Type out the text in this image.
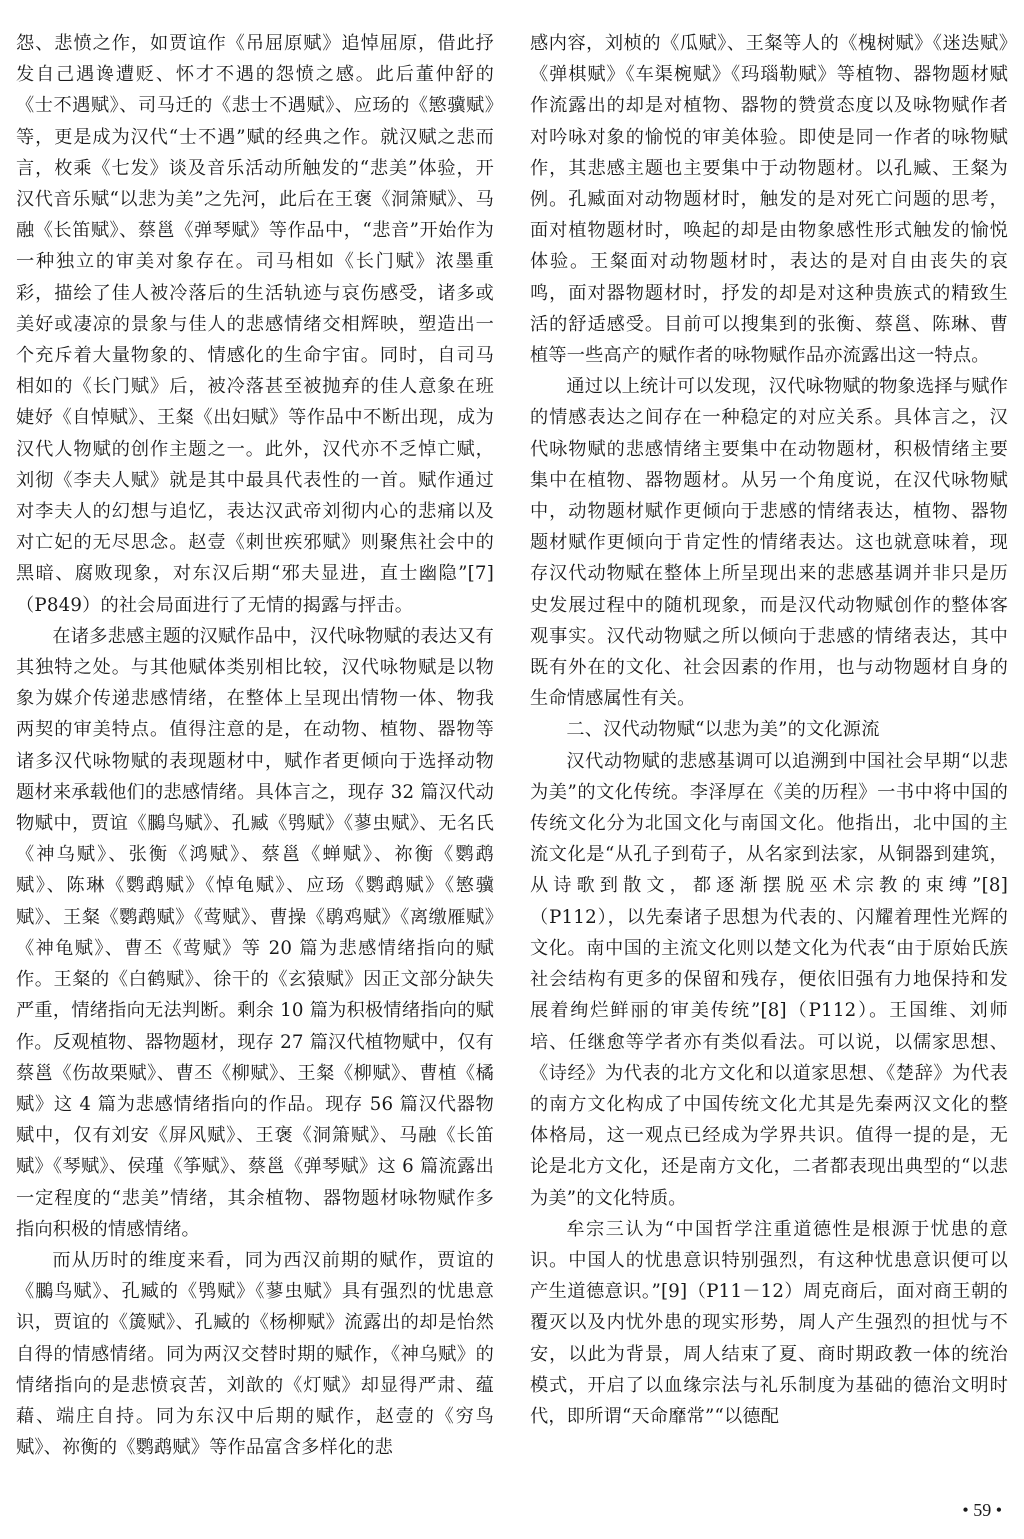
怨、悲愤之作，如贾谊作《吊屈原赋》追悼屈原，借此抒发自己遇谗遭贬、怀才不遇的怨愤之感。此后董仲舒的《士不遇赋》、司马迁的《悲士不遇赋》、应玚的《慜骥赋》等，更是成为汉代“士不遇”赋的经典之作。就汉赋之悲而言，枚乘《七发》谈及音乐活动所触发的“悲美”体验，开汉代音乐赋“以悲为美”之先河，此后在王褒《洞箫赋》、马融《长笛赋》、蔡邕《弹琴赋》等作品中，“悲音”开始作为一种独立的审美对象存在。司马相如《长门赋》浓墨重彩，描绘了佳人被冷落后的生活轨迹与哀伤感受，诸多或美好或凄凉的景象与佳人的悲感情绪交相辉映，塑造出一个充斥着大量物象的、情感化的生命宇宙。同时，自司马相如的《长门赋》后，被冷落甚至被抛弃的佳人意象在班婕妤《自悼赋》、王粲《出妇赋》等作品中不断出现，成为汉代人物赋的创作主题之一。此外，汉代亦不乏悼亡赋，刘彻《李夫人赋》就是其中最具代表性的一首。赋作通过对李夫人的幻想与追忆，表达汉武帝刘彻内心的悲痛以及对亡妃的无尽思念。赵壹《刺世疾邪赋》则聚焦社会中的黑暗、腐败现象，对东汉后期“邪夫显进，直士幽隐”[7]（P849）的社会局面进行了无情的揭露与抨击。

在诸多悲感主题的汉赋作品中，汉代咏物赋的表达又有其独特之处。与其他赋体类别相比较，汉代咏物赋是以物象为媒介传递悲感情绪，在整体上呈现出情物一体、物我两契的审美特点。值得注意的是，在动物、植物、器物等诸多汉代咏物赋的表现题材中，赋作者更倾向于选择动物题材来承载他们的悲感情绪。具体言之，现存 32 篇汉代动物赋中，贾谊《鵩鸟赋》、孔臧《鸮赋》《蓼虫赋》、无名氏《神乌赋》、张衡《鸿赋》、蔡邕《蝉赋》、祢衡《鹦鹉赋》、陈琳《鹦鹉赋》《悼龟赋》、应玚《鹦鹉赋》《慜骥赋》、王粲《鹦鹉赋》《莺赋》、曹操《鹖鸡赋》《离缴雁赋》《神龟赋》、曹丕《莺赋》等 20 篇为悲感情绪指向的赋作。王粲的《白鹤赋》、徐干的《玄猿赋》因正文部分缺失严重，情绪指向无法判断。剩余 10 篇为积极情绪指向的赋作。反观植物、器物题材，现存 27 篇汉代植物赋中，仅有蔡邕《伤故栗赋》、曹丕《柳赋》、王粲《柳赋》、曹植《橘赋》这 4 篇为悲感情绪指向的作品。现存 56 篇汉代器物赋中，仅有刘安《屏风赋》、王褒《洞箫赋》、马融《长笛赋》《琴赋》、侯瑾《筝赋》、蔡邕《弹琴赋》这 6 篇流露出一定程度的“悲美”情绪，其余植物、器物题材咏物赋作多指向积极的情感情绪。

而从历时的维度来看，同为西汉前期的赋作，贾谊的《鵩鸟赋》、孔臧的《鸮赋》《蓼虫赋》具有强烈的忧患意识，贾谊的《簴赋》、孔臧的《杨柳赋》流露出的却是怡然自得的情感情绪。同为两汉交替时期的赋作，《神乌赋》的情绪指向的是悲愤哀苦，刘歆的《灯赋》却显得严肃、蕴藉、端庄自持。同为东汉中后期的赋作，赵壹的《穷鸟赋》、祢衡的《鹦鹉赋》等作品富含多样化的悲

感内容，刘桢的《瓜赋》、王粲等人的《槐树赋》《迷迭赋》《弹棋赋》《车渠椀赋》《玛瑙勒赋》等植物、器物题材赋作流露出的却是对植物、器物的赞赏态度以及咏物赋作者对吟咏对象的愉悦的审美体验。即使是同一作者的咏物赋作，其悲感主题也主要集中于动物题材。以孔臧、王粲为例。孔臧面对动物题材时，触发的是对死亡问题的思考，面对植物题材时，唤起的却是由物象感性形式触发的愉悦体验。王粲面对动物题材时，表达的是对自由丧失的哀鸣，面对器物题材时，抒发的却是对这种贵族式的精致生活的舒适感受。目前可以搜集到的张衡、蔡邕、陈琳、曹植等一些高产的赋作者的咏物赋作品亦流露出这一特点。

通过以上统计可以发现，汉代咏物赋的物象选择与赋作的情感表达之间存在一种稳定的对应关系。具体言之，汉代咏物赋的悲感情绪主要集中在动物题材，积极情绪主要集中在植物、器物题材。从另一个角度说，在汉代咏物赋中，动物题材赋作更倾向于悲感的情绪表达，植物、器物题材赋作更倾向于肯定性的情绪表达。这也就意味着，现存汉代动物赋在整体上所呈现出来的悲感基调并非只是历史发展过程中的随机现象，而是汉代动物赋创作的整体客观事实。汉代动物赋之所以倾向于悲感的情绪表达，其中既有外在的文化、社会因素的作用，也与动物题材自身的生命情感属性有关。

二、汉代动物赋“以悲为美”的文化源流

汉代动物赋的悲感基调可以追溯到中国社会早期“以悲为美”的文化传统。李泽厚在《美的历程》一书中将中国的传统文化分为北国文化与南国文化。他指出，北中国的主流文化是“从孔子到荀子，从名家到法家，从铜器到建筑，从诗歌到散文，都逐渐摆脱巫术宗教的束缚”[8]（P112），以先秦诸子思想为代表的、闪耀着理性光辉的文化。南中国的主流文化则以楚文化为代表“由于原始氏族社会结构有更多的保留和残存，便依旧强有力地保持和发展着绚烂鲜丽的审美传统”[8]（P112）。王国维、刘师培、任继愈等学者亦有类似看法。可以说，以儒家思想、《诗经》为代表的北方文化和以道家思想、《楚辞》为代表的南方文化构成了中国传统文化尤其是先秦两汉文化的整体格局，这一观点已经成为学界共识。值得一提的是，无论是北方文化，还是南方文化，二者都表现出典型的“以悲为美”的文化特质。

牟宗三认为“中国哲学注重道德性是根源于忧患的意识。中国人的忧患意识特别强烈，有这种忧患意识便可以产生道德意识。”[9]（P11－12）周克商后，面对商王朝的覆灭以及内忧外患的现实形势，周人产生强烈的担忧与不安，以此为背景，周人结束了夏、商时期政教一体的统治模式，开启了以血缘宗法与礼乐制度为基础的德治文明时代，即所谓“天命靡常”“以德配

• 59 •
